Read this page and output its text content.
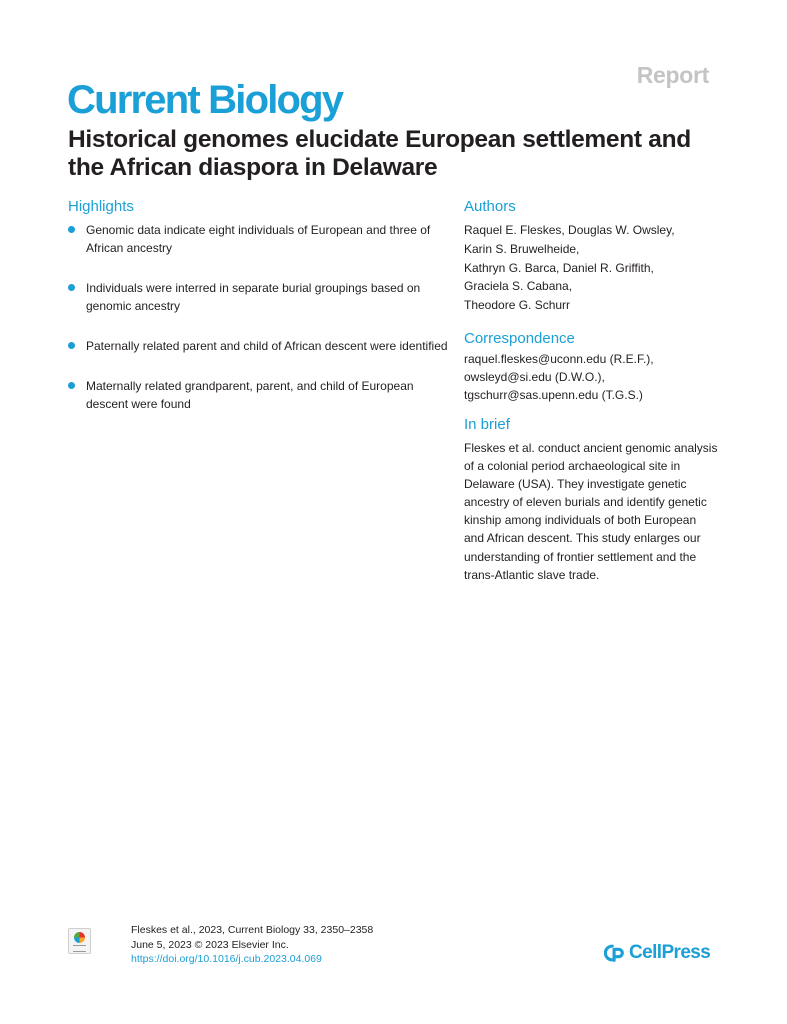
Report
Current Biology
Historical genomes elucidate European settlement and the African diaspora in Delaware
Highlights
Genomic data indicate eight individuals of European and three of African ancestry
Individuals were interred in separate burial groupings based on genomic ancestry
Paternally related parent and child of African descent were identified
Maternally related grandparent, parent, and child of European descent were found
Authors
Raquel E. Fleskes, Douglas W. Owsley,
Karin S. Bruwelheide,
Kathryn G. Barca, Daniel R. Griffith,
Graciela S. Cabana,
Theodore G. Schurr
Correspondence
raquel.fleskes@uconn.edu (R.E.F.),
owsleyd@si.edu (D.W.O.),
tgschurr@sas.upenn.edu (T.G.S.)
In brief

Fleskes et al. conduct ancient genomic analysis of a colonial period archaeological site in Delaware (USA). They investigate genetic ancestry of eleven burials and identify genetic kinship among individuals of both European and African descent. This study enlarges our understanding of frontier settlement and the trans-Atlantic slave trade.

Fleskes et al., 2023, Current Biology 33, 2350–2358
June 5, 2023 © 2023 Elsevier Inc.
https://doi.org/10.1016/j.cub.2023.04.069	CellPress
